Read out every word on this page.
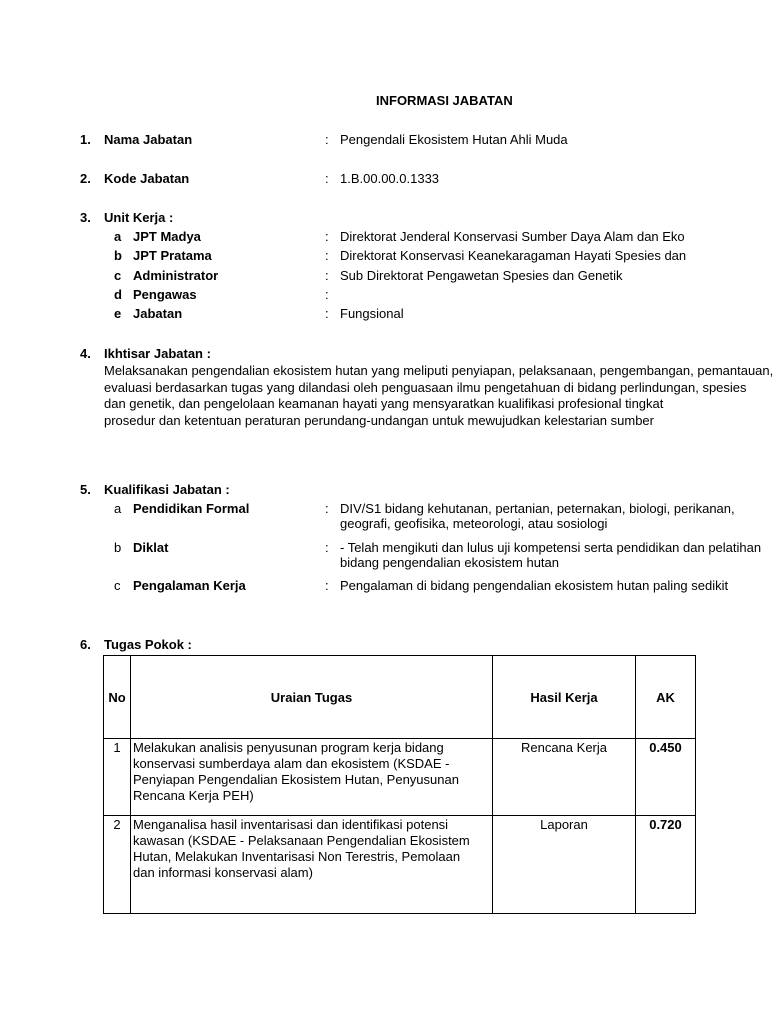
INFORMASI JABATAN
1. Nama Jabatan	: Pengendali Ekosistem Hutan Ahli Muda
2. Kode Jabatan	: 1.B.00.00.0.1333
3. Unit Kerja :
a JPT Madya	: Direktorat Jenderal Konservasi Sumber Daya Alam dan Eko
b JPT Pratama	: Direktorat Konservasi Keanekaragaman Hayati Spesies dan
c Administrator	: Sub Direktorat Pengawetan Spesies dan Genetik
d Pengawas	:
e Jabatan	: Fungsional
4. Ikhtisar Jabatan :
Melaksanakan pengendalian ekosistem hutan yang meliputi penyiapan, pelaksanaan, pengembangan, pemantauan,
evaluasi berdasarkan tugas yang dilandasi oleh penguasaan ilmu pengetahuan di bidang perlindungan, spesies
dan genetik, dan pengelolaan keamanan hayati yang mensyaratkan kualifikasi profesional tingkat
prosedur dan ketentuan peraturan perundang-undangan untuk mewujudkan kelestarian sumber
5. Kualifikasi Jabatan :
a Pendidikan Formal	: DIV/S1 bidang kehutanan, pertanian, peternakan, biologi, perikanan,
geografi, geofisika, meteorologi, atau sosiologi
b Diklat	: - Telah mengikuti dan lulus uji kompetensi serta pendidikan dan pelatihan
bidang pengendalian ekosistem hutan
c Pengalaman Kerja	: Pengalaman di bidang pengendalian ekosistem hutan paling sedikit
6. Tugas Pokok :
No	Uraian Tugas	Hasil Kerja	AK
1	Melakukan analisis penyusunan program kerja bidang
konservasi sumberdaya alam dan ekosistem (KSDAE -
Penyiapan Pengendalian Ekosistem Hutan, Penyusunan
Rencana Kerja PEH)	Rencana Kerja	0.450
2	Menganalisa hasil inventarisasi dan identifikasi potensi
kawasan (KSDAE - Pelaksanaan Pengendalian Ekosistem
Hutan, Melakukan Inventarisasi Non Terestris, Pemolaan
dan informasi konservasi alam)	Laporan	0.720
